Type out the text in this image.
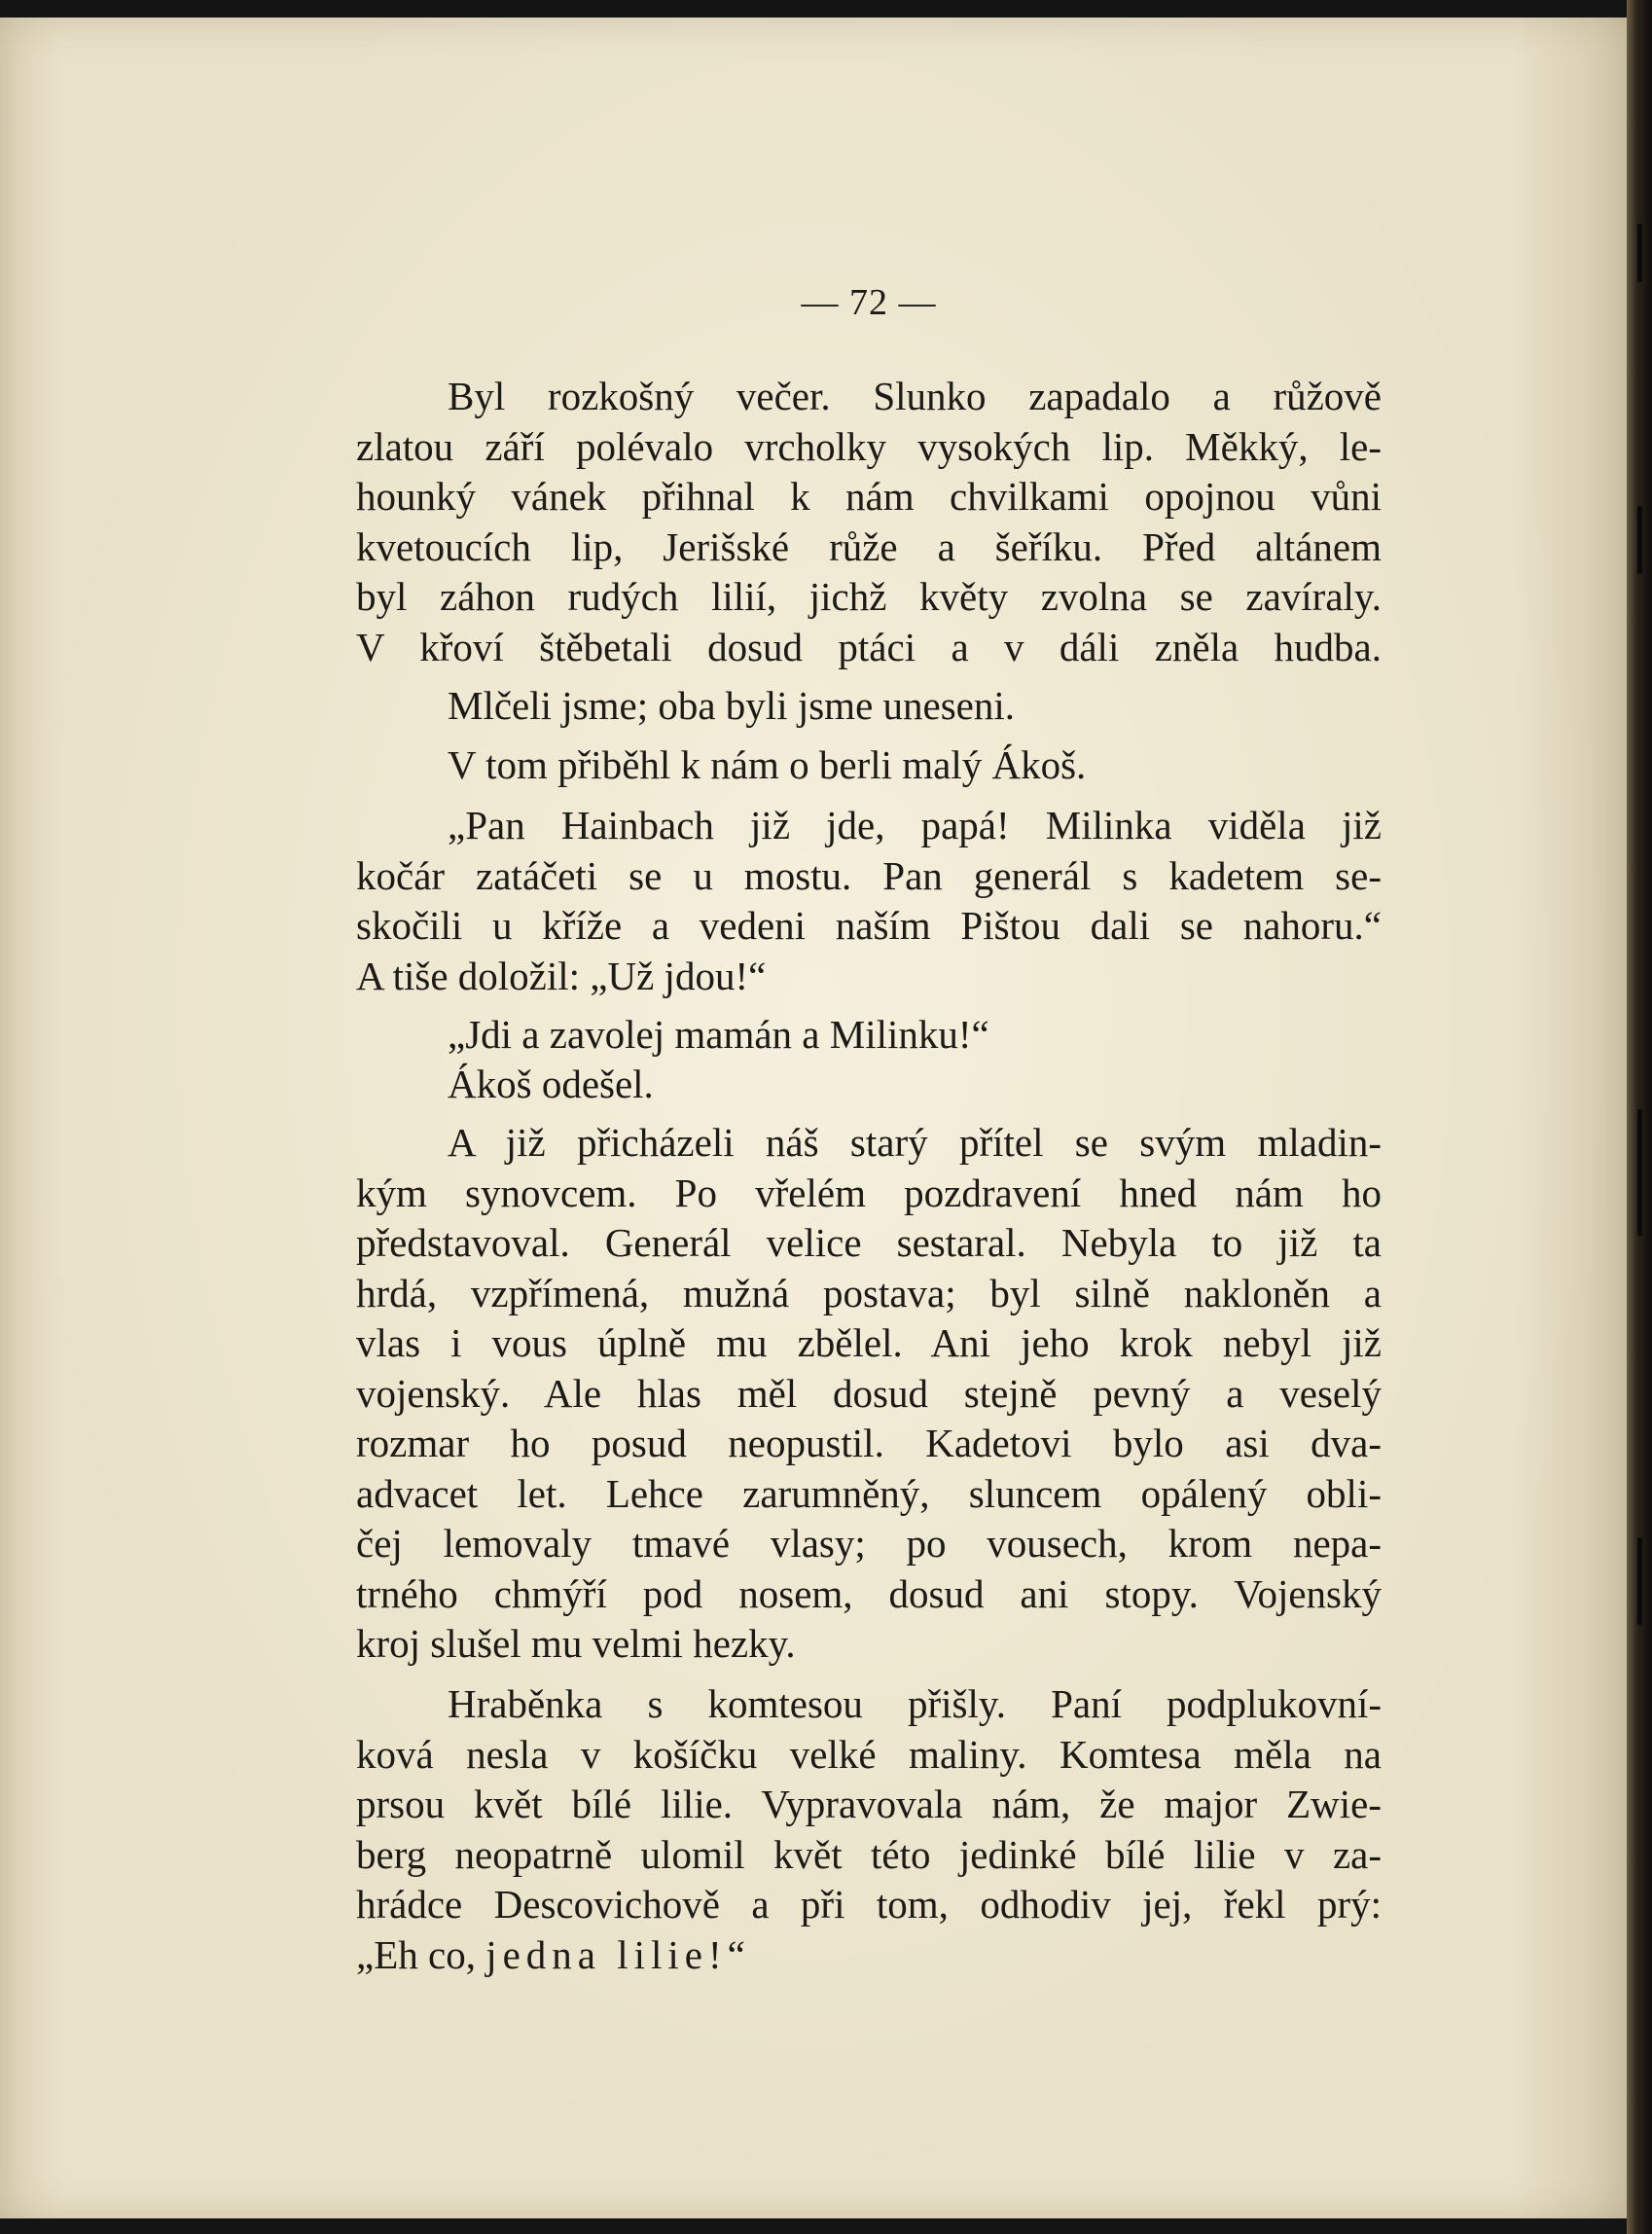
— 72 —
Byl rozkošný večer. Slunko zapadalo a růžově
zlatou září polévalo vrcholky vysokých lip. Měkký, le-
hounký vánek přihnal k nám chvilkami opojnou vůni
kvetoucích lip, Jerišské růže a šeříku. Před altánem
byl záhon rudých lilií, jichž květy zvolna se zavíraly.
V křoví štěbetali dosud ptáci a v dáli zněla hudba.
Mlčeli jsme; oba byli jsme uneseni.
V tom přiběhl k nám o berli malý Ákoš.
„Pan Hainbach již jde, papá! Milinka viděla již
kočár zatáčeti se u mostu. Pan generál s kadetem se-
skočili u kříže a vedeni naším Pištou dali se nahoru.“
A tiše doložil: „Už jdou!“
„Jdi a zavolej mamán a Milinku!“
Ákoš odešel.
A již přicházeli náš starý přítel se svým mladin-
kým synovcem. Po vřelém pozdravení hned nám ho
představoval. Generál velice sestaral. Nebyla to již ta
hrdá, vzpřímená, mužná postava; byl silně nakloněn a
vlas i vous úplně mu zbělel. Ani jeho krok nebyl již
vojenský. Ale hlas měl dosud stejně pevný a veselý
rozmar ho posud neopustil. Kadetovi bylo asi dva-
advacet let. Lehce zarumněný, sluncem opálený obli-
čej lemovaly tmavé vlasy; po vousech, krom nepa-
trného chmýří pod nosem, dosud ani stopy. Vojenský
kroj slušel mu velmi hezky.
Hraběnka s komtesou přišly. Paní podplukovní-
ková nesla v košíčku velké maliny. Komtesa měla na
prsou květ bílé lilie. Vypravovala nám, že major Zwie-
berg neopatrně ulomil květ této jedinké bílé lilie v za-
hrádce Descovichově a při tom, odhodiv jej, řekl prý:
„Eh co, jedna lilie!“
